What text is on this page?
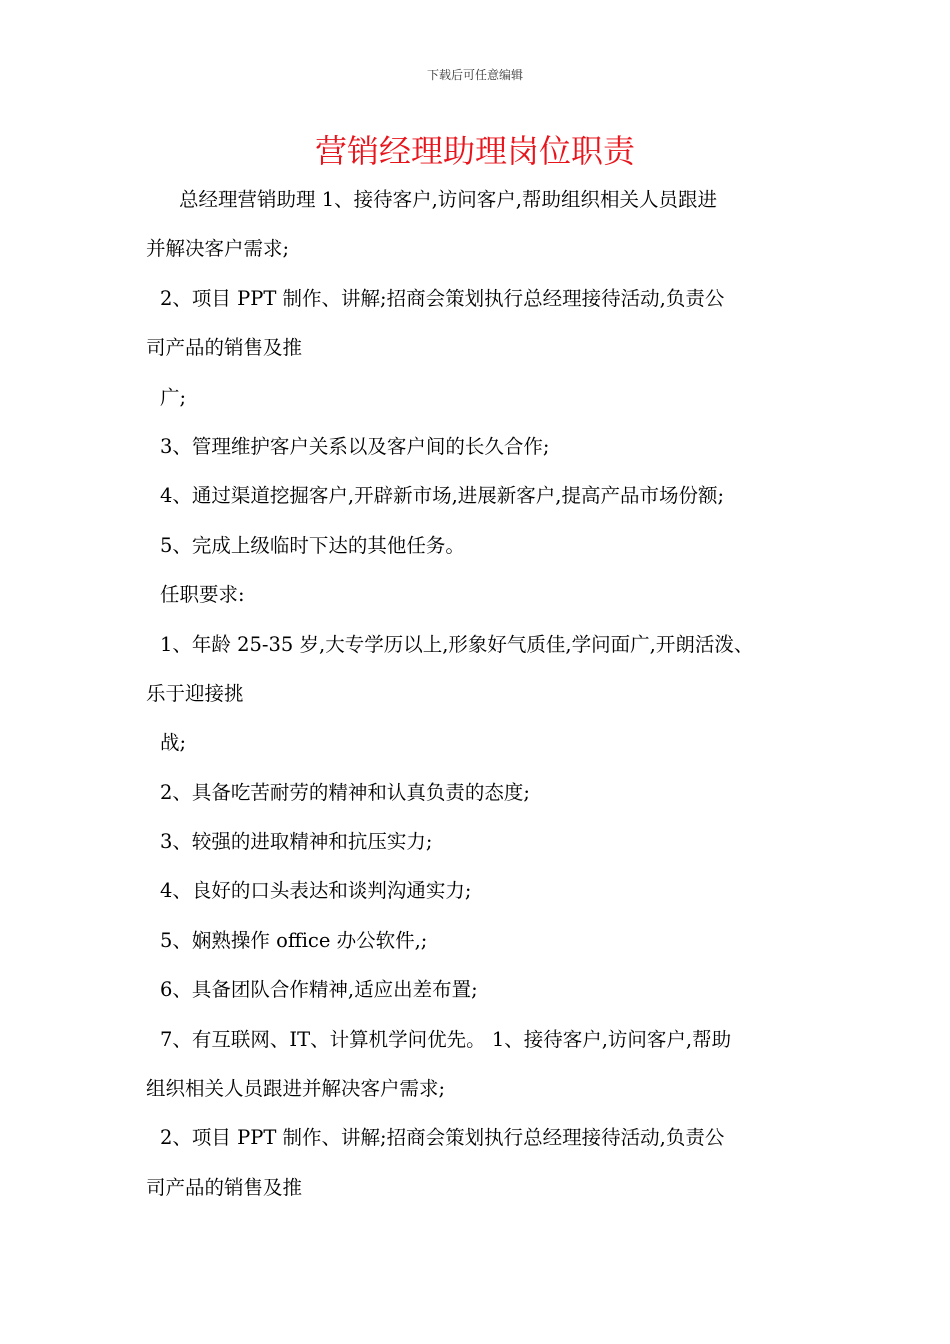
下载后可任意编辑
营销经理助理岗位职责
总经理营销助理 1、接待客户,访问客户,帮助组织相关人员跟进
并解决客户需求;
2、项目 PPT 制作、讲解;招商会策划执行总经理接待活动,负责公
司产品的销售及推
广;
3、管理维护客户关系以及客户间的长久合作;
4、通过渠道挖掘客户,开辟新市场,进展新客户,提高产品市场份额;
5、完成上级临时下达的其他任务。
任职要求:
1、年龄 25-35 岁,大专学历以上,形象好气质佳,学问面广,开朗活泼、
乐于迎接挑
战;
2、具备吃苦耐劳的精神和认真负责的态度;
3、较强的进取精神和抗压实力;
4、良好的口头表达和谈判沟通实力;
5、娴熟操作 office 办公软件,;
6、具备团队合作精神,适应出差布置;
7、有互联网、IT、计算机学问优先。 1、接待客户,访问客户,帮助
组织相关人员跟进并解决客户需求;
2、项目 PPT 制作、讲解;招商会策划执行总经理接待活动,负责公
司产品的销售及推
